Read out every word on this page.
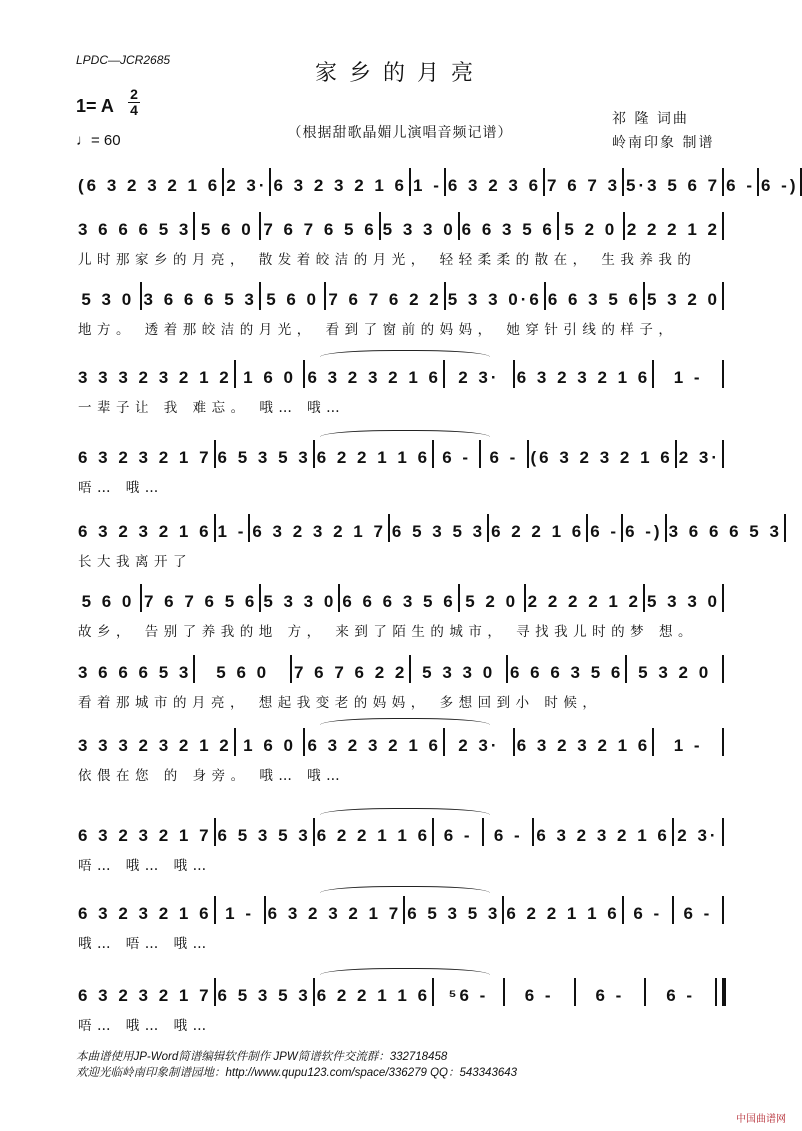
LPDC—JCR2685
家乡的月亮
1= A
2
4
♩= 60	（根据甜歌晶媚儿演唱音频记谱）
祁 隆 词曲
岭南印象 制谱
(6 3 2 3 2 1 6 2 3· 6 3 2 3 2 1 6 1 - 6 3 2 3 6 7 6 7 3 5·3 5 6 7 6 - 6 -)
3 6 6 6 5 3 5 6 0 7 6 7 6 5 6 5 3 3 0 6 6 3 5 6 5 2 0 2 2 2 1 2
儿时那家乡的月亮， 散发着皎洁的月光， 轻轻柔柔的散在， 生我养我的
5 3 0 3 6 6 6 5 3 5 6 0 7 6 7 6 2 2 5 3 3 0·6 6 6 3 5 6 5 3 2 0
地方。 透着那皎洁的月光， 看到了窗前的妈妈， 她穿针引线的样子，
3 3 3 2 3 2 1 2 1 6 0 6 3 2 3 2 1 6	2 3·	6 3 2 3 2 1 6	1 -
一辈子让 我 难忘。 哦… 哦…
6 3 2 3 2 1 7 6 5 3 5 3 6 2 2 1 1 6 6 -	6 - (6 3 2 3 2 1 6 2 3·
唔… 哦…
6 3 2 3 2 1 6 1 - 6 3 2 3 2 1 7 6 5 3 5 3 6 2 2 1 6 6 - 6 -) 3 6 6 6 5 3
长大我离开了
5 6 0 7 6 7 6 5 6 5 3 3 0 6 6 6 3 5 6 5 2 0 2 2 2 2 1 2 5 3 3 0
故乡， 告别了养我的地 方， 来到了陌生的城市， 寻找我儿时的梦 想。
3 6 6 6 5 3	5 6 0	7 6 7 6 2 2 5 3 3 0 6 6 6 3 5 6 5 3 2 0
看着那城市的月亮， 想起我变老的妈妈， 多想回到小 时候，
3 3 3 2 3 2 1 2 1 6 0 6 3 2 3 2 1 6	2 3·	6 3 2 3 2 1 6	1 -
依偎在您 的 身旁。 哦… 哦…
6 3 2 3 2 1 7 6 5 3 5 3 6 2 2 1 1 6 6 -	6 - 6 3 2 3 2 1 6 2 3·
唔… 哦… 哦…
6 3 2 3 2 1 6 1 - 6 3 2 3 2 1 7 6 5 3 5 3 6 2 2 1 1 6 6 -	6 -
哦… 唔… 哦…
6 3 2 3 2 1 7 6 5 3 5 3 6 2 2 1 1 6	⁵6 -	6 -	6 -	6 -
唔… 哦… 哦…
本曲谱使用JP-Word简谱编辑软件制作 JPW简谱软件交流群：332718458
欢迎光临岭南印象制谱园地：http://www.qupu123.com/space/336279 QQ：543343643
中国曲谱网
